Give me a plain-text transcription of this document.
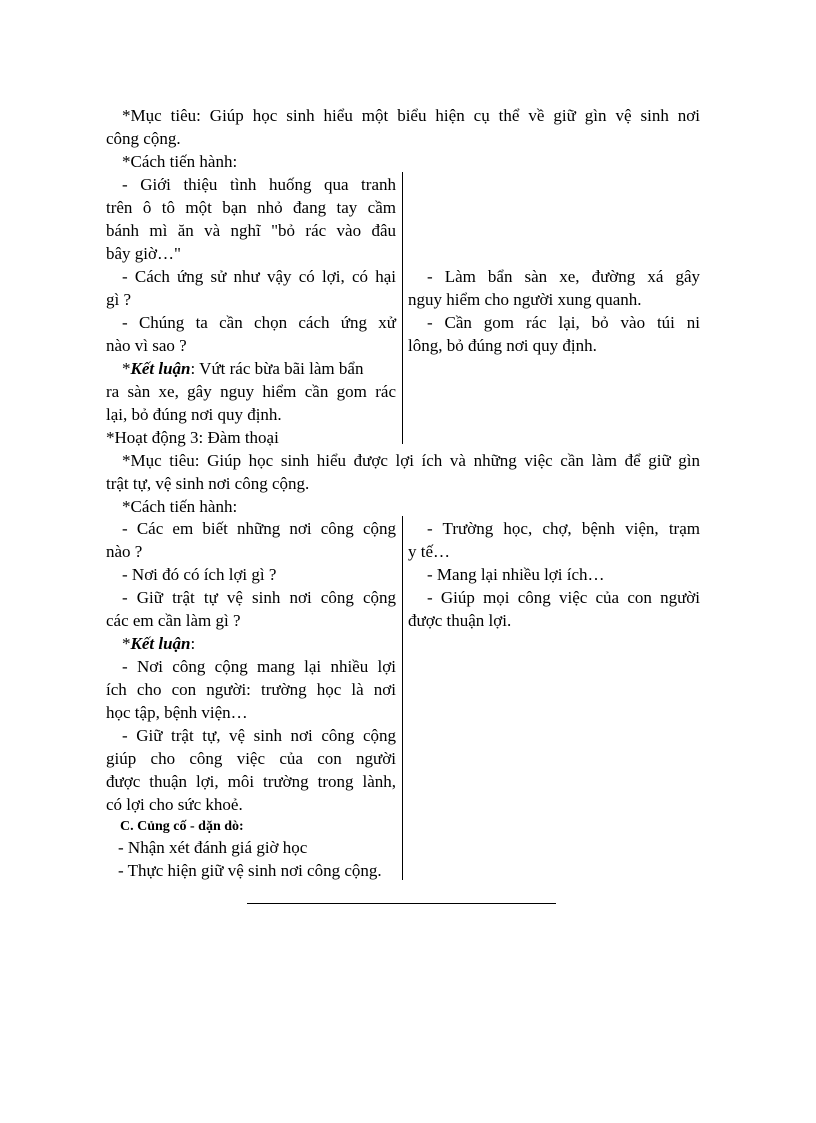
*Mục tiêu: Giúp học sinh hiểu một biểu hiện cụ thể về giữ gìn vệ sinh nơi
công cộng.
*Cách tiến hành:
- Giới thiệu tình huống qua tranh
trên ô tô một bạn nhỏ đang tay cầm
bánh mì ăn và nghĩ "bỏ rác vào đâu
bây giờ…"
- Cách ứng sử như vậy có lợi, có hại
gì ?
- Chúng ta cần chọn cách ứng xử
nào vì sao ?
*Kết luận: Vứt rác bừa bãi làm bẩn
ra sàn xe, gây nguy hiểm cần gom rác
lại, bỏ đúng nơi quy định.
*Hoạt động 3: Đàm thoại
- Làm bẩn sàn xe, đường xá gây
nguy hiểm cho người xung quanh.
- Cần gom rác lại, bỏ vào túi ni
lông, bỏ đúng nơi quy định.
*Mục tiêu: Giúp học sinh hiểu được lợi ích và những việc cần làm để giữ gìn
trật tự, vệ sinh nơi công cộng.
*Cách tiến hành:
- Các em biết những nơi công cộng
nào ?
- Nơi đó có ích lợi gì ?
- Giữ trật tự vệ sinh nơi công cộng
các em cần làm gì ?
*Kết luận:
- Nơi công cộng mang lại nhiều lợi
ích cho con người: trường học là nơi
học tập, bệnh viện…
- Giữ trật tự, vệ sinh nơi công cộng
giúp cho công việc của con người
được thuận lợi, môi trường trong lành,
có lợi cho sức khoẻ.
C. Củng cố - dặn dò:
- Nhận xét đánh giá giờ học
- Thực hiện giữ vệ sinh nơi công cộng.
- Trường học, chợ, bệnh viện, trạm
y tế…
- Mang lại nhiều lợi ích…
- Giúp mọi công việc của con người
được thuận lợi.
